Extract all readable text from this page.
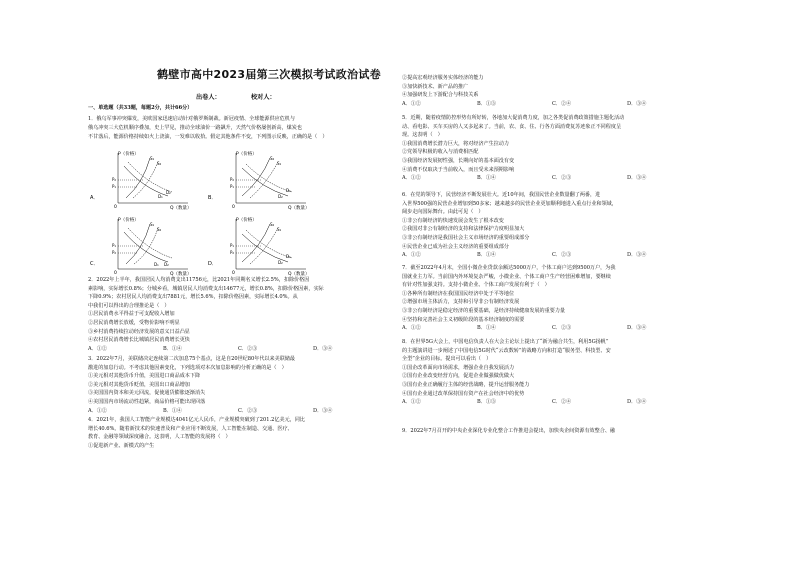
鹤壁市高中2023届第三次模拟考试政治试卷
出卷人：	校对人：
一、单选题（共33题，每题2分，共计66分）
1．俄乌军事冲突爆发，美欧国家迅速启动针对俄罗斯制裁。新冠疫情、全球能源供应危机与
俄乌冲突三大危机顺序叠加，史上罕见，推动全球油价一路飙升，天然气价格屡创新高，煤炭也
不甘落后，能源价格持续如火上浇油，一发难以收拾。假定其他条件不变，下列图示反映，正确的是（　）
A．
P（价格）
Q（数量）
0
S₁
S₂
D₁
D₂
P₂
P₁
B．
P（价格）
Q（数量）
0
S₂
S₁
D₂
D₁
P₂
P₁
C．
P（价格）
Q（数量）
0
S₁
S₂
D₁ D₂
P₁
P₂
D．
P（价格）
Q（数量）
0
S₂
S₁
D₂
D₁
P₁
P₂
2．2022年上半年，我国居民人均消费支出11756元，比2021年同期名义增长2.5%，扣除价格因
素影响，实际增长0.8%；分城乡看，城镇居民人均消费支出14677元，增长0.8%，扣除价格因素，实际
下降0.9%；农村居民人均消费支出7881元，增长5.6%，扣除价格因素，实际增长4.0%。从
中我们可以得出的合理推论是（　）
①居民消费水平得益于可支配收入增加
②居民消费增长放缓，受物价影响不明显
③乡村消费持续拉动经济发展的意义日益凸显
④农村居民消费增长比城镇居民消费增长更快
A．①②	B．①④	C．②③	D．③④
3．2022年7月，美联储决定连续第二次加息75个基点，这是自20世纪80年代以来美联储最
激进的加息行动。不考虑其他因素变化，下列选项对本次加息影响的分析正确的是（　）
①美元相对其他货币升值，美国进口商品成本下降
②美元相对其他货币贬值，美国出口商品增加
③美国国内资本和美元回流，促使通货膨胀逐渐消失
④美国国内市场流动性趋紧，商品价格可能出现回落
A．①②	B．①④	C．②③	D．③④
4．2021年，我国人工智能产业规模达4041亿元人民币，产业规模突破到了201.2亿美元，同比
增长40.6%。随着新技术的快速普及和产业应用不断发展，人工智能在制造、交通、医疗、
教育、金融等领域深度融合。这表明，人工智能的发展将（　）
①促进新产业、新模式的产生
②提高宏观经济服务实体经济的能力
③加快新技术、新产品的推广
④加强研发上下游配合与科技关系
A．①②	B．①③	C．②④	D．③④
5．近期，随着疫情防控形势有所好转，各地加大促消费力度，加之各类促消费政策措施主题化活动
动、看电影、买车买房的人又多起来了。当前，农、食、住、行各方面消费复苏迹象正不同程度呈
现。这表明（　）
①我国消费增长潜力巨大，将对经济产生拉动力
②党领导积极的收入与消费相匹配
③我国经济发展韧性强，长期向好的基本面没有变
④消费不仅取决于当前收入，而且受未来预期影响
A．①②	B．①④	C．②③	D．③④
6．在党的领导下，民营经济不断发展壮大。近10年间，我国民营企业数量翻了两番，进
入世界500强的民营企业增加到50多家；越来越多的民营企业更加顺利地进入重点行业和领域，
阔步走向国际舞台。由此可见（　）
①非公有制经济的快速发展会发生了根本改变
②我国对非公有制经济的支持和法律保护力度明显加大
③非公有制经济是我国社会主义市场经济的重要组成部分
④民营企业已成为社会主义经济的重要组成部分
A．①②	B．①④	C．②③	D．③④
7．截至2022年4月末，全国小微企业贷款余额达5000万户，个体工商户达到9500万户，为我
国就业主力军。当前国内外环境复杂严峻，小微企业、个体工商户生产经营困难增加，要继续
有针对性加强支持。支持小微企业、个体工商户发展有利于（　）
①各种所有制经济在我国国民经济中处于平等地位
②增强市场主体活力，支持和引导非公有制经济发展
③非公有制经济是稳定经济的重要基础，是经济持续健康发展的重要力量
④坚持和完善社会主义初级阶段的基本经济制度的需要
A．①②	B．①④	C．②③	D．③④
8．在世界5G大会上，中国电信负责人在大会主论坛上提出了“新为融合共生，利用5G扬帆”
的主题演讲进一步阐述了中国电信5G时代“云改数转”的战略方向和打造“服务型、科技型、安
全型”企业的目标。提出可以看出（　）
①国企改革面向市场需求，增强企业自我发展活力
②国有企业改变经营方向，促进企业做强做优做大
③国有企业正确履行主体的经营战略，提升运营服务能力
④国有企业通过改革保持国有资产在社会经济中的优势
A．①②	B．①③	C．②④	D．③④
9．2022年7月召开的中央企业深化专业化整合工作推进会提出，加快央企间资源有效整合、融
